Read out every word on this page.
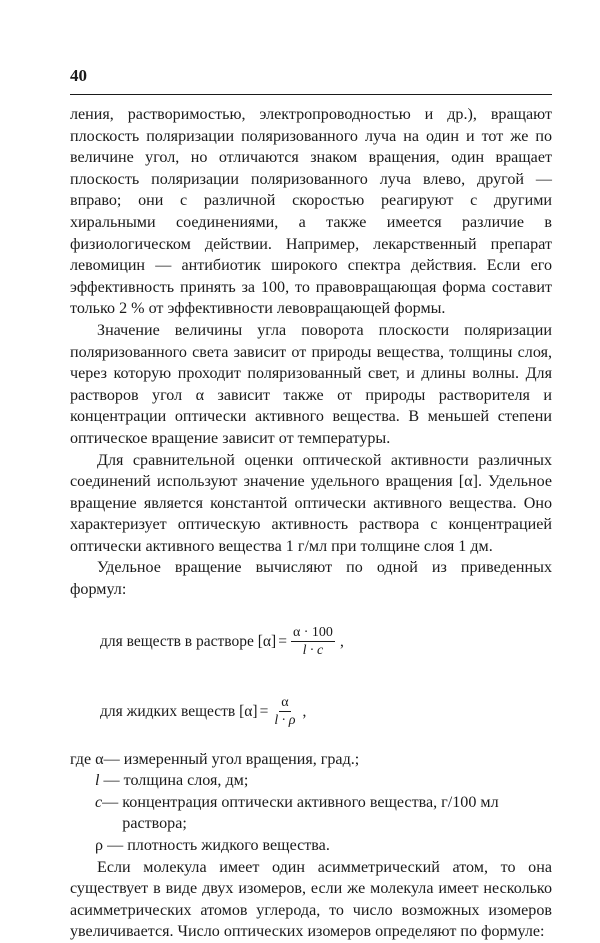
40

ления, растворимостью, электропроводностью и др.), вращают плоскость поляризации поляризованного луча на один и тот же по величине угол, но отличаются знаком вращения, один вращает плоскость поляризации поляризованного луча влево, другой — вправо; они с различной скоростью реагируют с другими хиральными соединениями, а также имеется различие в физиологическом действии. Например, лекарственный препарат левомицин — антибиотик широкого спектра действия. Если его эффективность принять за 100, то правовращающая форма составит только 2 % от эффективности левовращающей формы.

Значение величины угла поворота плоскости поляризации поляризованного света зависит от природы вещества, толщины слоя, через которую проходит поляризованный свет, и длины волны. Для растворов угол α зависит также от природы растворителя и концентрации оптически активного вещества. В меньшей степени оптическое вращение зависит от температуры.

Для сравнительной оценки оптической активности различных соединений используют значение удельного вращения [α]. Удельное вращение является константой оптически активного вещества. Оно характеризует оптическую активность раствора с концентрацией оптически активного вещества 1 г/мл при толщине слоя 1 дм.

Удельное вращение вычисляют по одной из приведенных формул:

для веществ в растворе
$[\alpha] = \frac{\alpha \cdot 100}{l \cdot c}$ ,
для жидких веществ
$[\alpha] = \frac{\alpha}{l \cdot \rho}$ ,
где α— измеренный угол вращения, град.;
l — толщина слоя, дм;
c— концентрация оптически активного вещества, г/100 мл
раствора;
ρ — плотность жидкого вещества.

Если молекула имеет один асимметрический атом, то она существует в виде двух изомеров, если же молекула имеет несколько асимметрических атомов углерода, то число возможных изомеров увеличивается. Число оптических изомеров определяют по формуле:
